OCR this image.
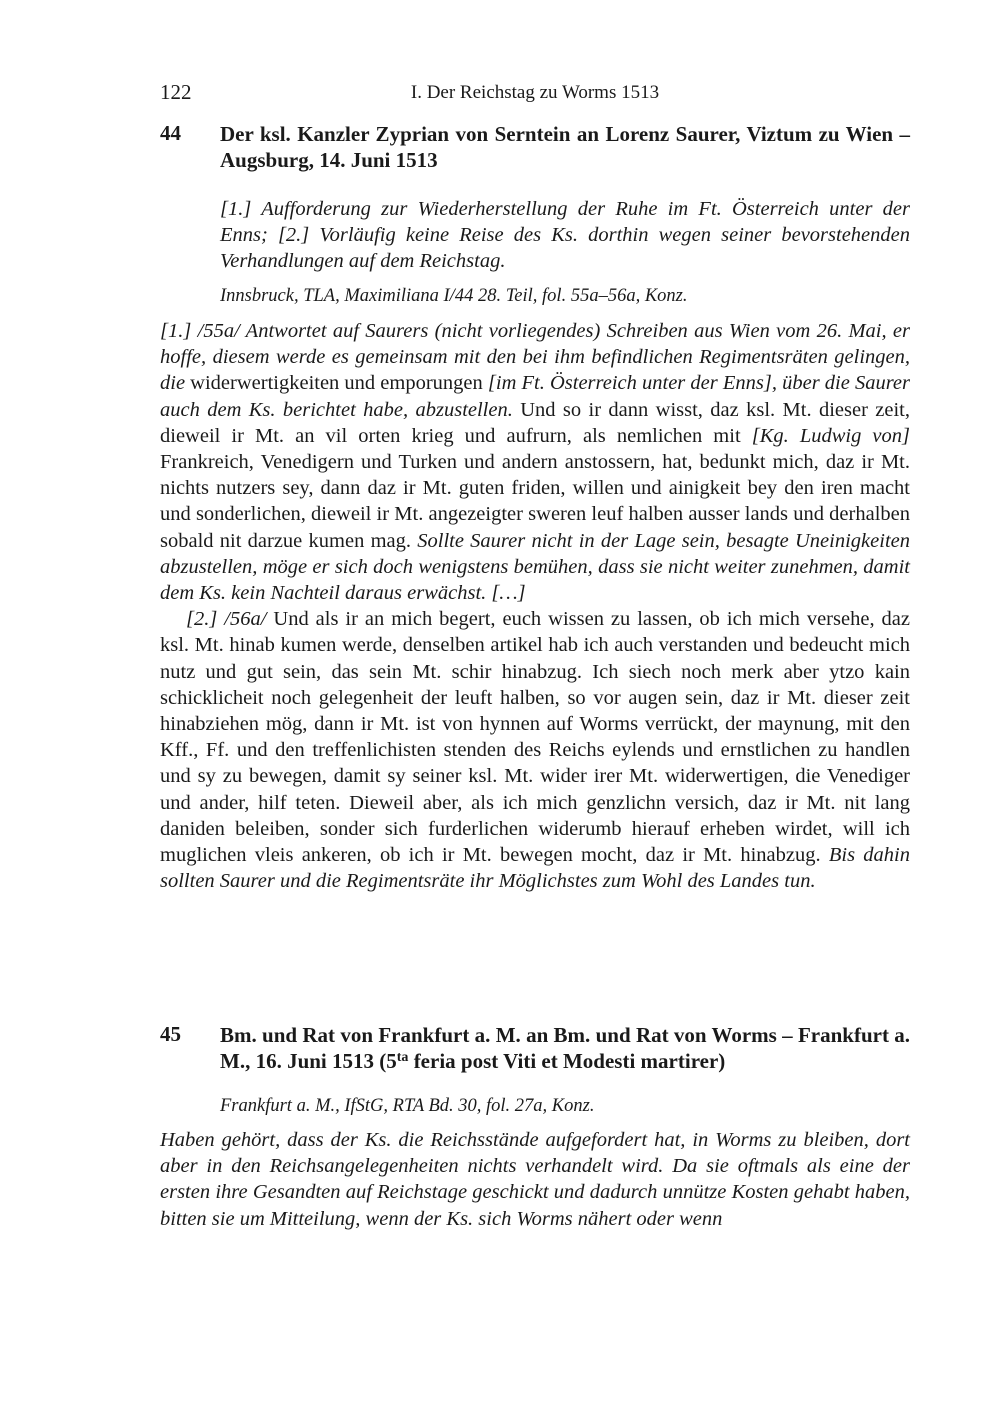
122	I. Der Reichstag zu Worms 1513
44 Der ksl. Kanzler Zyprian von Serntein an Lorenz Saurer, Viztum zu Wien – Augsburg, 14. Juni 1513
[1.] Aufforderung zur Wiederherstellung der Ruhe im Ft. Österreich unter der Enns; [2.] Vorläufig keine Reise des Ks. dorthin wegen seiner bevorstehenden Verhandlungen auf dem Reichstag.
Innsbruck, TLA, Maximiliana I/44 28. Teil, fol. 55a–56a, Konz.

[1.] /55a/ Antwortet auf Saurers (nicht vorliegendes) Schreiben aus Wien vom 26. Mai, er hoffe, diesem werde es gemeinsam mit den bei ihm befindlichen Regimentsräten gelingen, die widerwertigkeiten und emporungen [im Ft. Österreich unter der Enns], über die Saurer auch dem Ks. berichtet habe, abzustellen. Und so ir dann wisst, daz ksl. Mt. dieser zeit, dieweil ir Mt. an vil orten krieg und aufrurn, als nemlichen mit [Kg. Ludwig von] Frankreich, Venedigern und Turken und andern anstossern, hat, bedunkt mich, daz ir Mt. nichts nutzers sey, dann daz ir Mt. guten friden, willen und ainigkeit bey den iren macht und sonderlichen, dieweil ir Mt. angezeigter sweren leuf halben ausser lands und derhalben sobald nit darzue kumen mag. Sollte Saurer nicht in der Lage sein, besagte Uneinigkeiten abzustellen, möge er sich doch wenigstens bemühen, dass sie nicht weiter zunehmen, damit dem Ks. kein Nachteil daraus erwächst. […]

[2.] /56a/ Und als ir an mich begert, euch wissen zu lassen, ob ich mich versehe, daz ksl. Mt. hinab kumen werde, denselben artikel hab ich auch verstanden und bedeucht mich nutz und gut sein, das sein Mt. schir hinabzug. Ich siech noch merk aber ytzo kain schicklicheit noch gelegenheit der leuft halben, so vor augen sein, daz ir Mt. dieser zeit hinabziehen mög, dann ir Mt. ist von hynnen auf Worms verrückt, der maynung, mit den Kff., Ff. und den treffenlichisten stenden des Reichs eylends und ernstlichen zu handlen und sy zu bewegen, damit sy seiner ksl. Mt. wider irer Mt. widerwertigen, die Venediger und ander, hilf teten. Dieweil aber, als ich mich genzlichn versich, daz ir Mt. nit lang daniden beleiben, sonder sich furderlichen widerumb hierauf erheben wirdet, will ich muglichen vleis ankeren, ob ich ir Mt. bewegen mocht, daz ir Mt. hinabzug. Bis dahin sollten Saurer und die Regimentsräte ihr Möglichstes zum Wohl des Landes tun.

45 Bm. und Rat von Frankfurt a. M. an Bm. und Rat von Worms – Frankfurt a. M., 16. Juni 1513 ($5^{ta}$ feria post Viti et Modesti martirer)
Frankfurt a. M., IfStG, RTA Bd. 30, fol. 27a, Konz.

Haben gehört, dass der Ks. die Reichsstände aufgefordert hat, in Worms zu bleiben, dort aber in den Reichsangelegenheiten nichts verhandelt wird. Da sie oftmals als eine der ersten ihre Gesandten auf Reichstage geschickt und dadurch unnütze Kosten gehabt haben, bitten sie um Mitteilung, wenn der Ks. sich Worms nähert oder wenn
